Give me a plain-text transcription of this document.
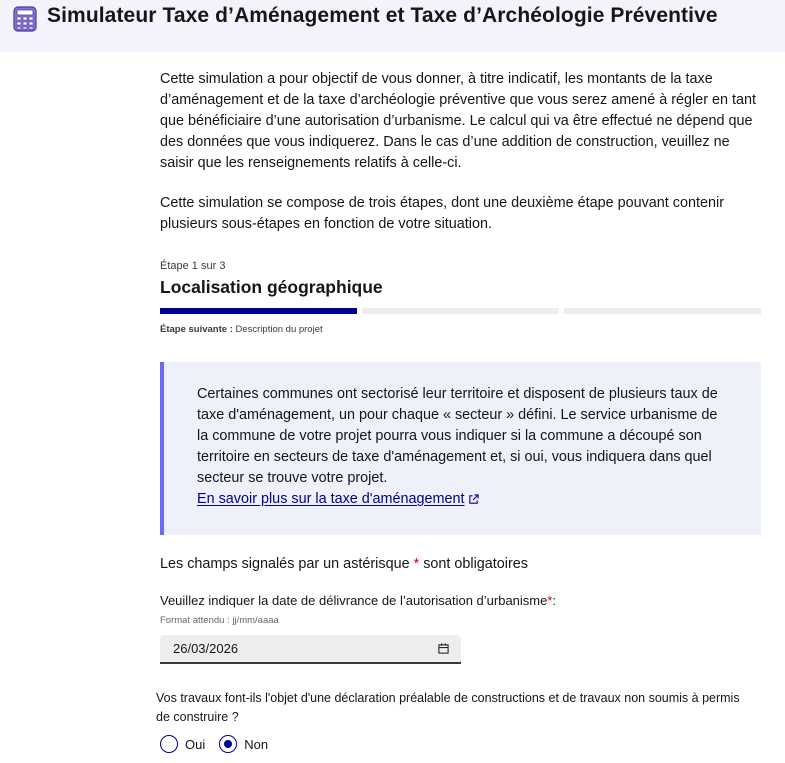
Simulateur Taxe d’Aménagement et Taxe d’Archéologie Préventive

Cette simulation a pour objectif de vous donner, à titre indicatif, les montants de la taxe d’aménagement et de la taxe d’archéologie préventive que vous serez amené à régler en tant que bénéficiaire d’une autorisation d’urbanisme. Le calcul qui va être effectué ne dépend que des données que vous indiquerez. Dans le cas d’une addition de construction, veuillez ne saisir que les renseignements relatifs à celle-ci.

Cette simulation se compose de trois étapes, dont une deuxième étape pouvant contenir plusieurs sous-étapes en fonction de votre situation.

Étape 1 sur 3
Localisation géographique
Étape suivante : Description du projet
Certaines communes ont sectorisé leur territoire et disposent de plusieurs taux de taxe d'aménagement, un pour chaque « secteur » défini. Le service urbanisme de la commune de votre projet pourra vous indiquer si la commune a découpé son territoire en secteurs de taxe d'aménagement et, si oui, vous indiquera dans quel secteur se trouve votre projet.
En savoir plus sur la taxe d'aménagement
Les champs signalés par un astérisque * sont obligatoires
Veuillez indiquer la date de délivrance de l’autorisation d’urbanisme*:
Format attendu : jj/mm/aaaa
26/03/2026
Vos travaux font-ils l'objet d'une déclaration préalable de constructions et de travaux non soumis à permis de construire ?
Oui	Non
